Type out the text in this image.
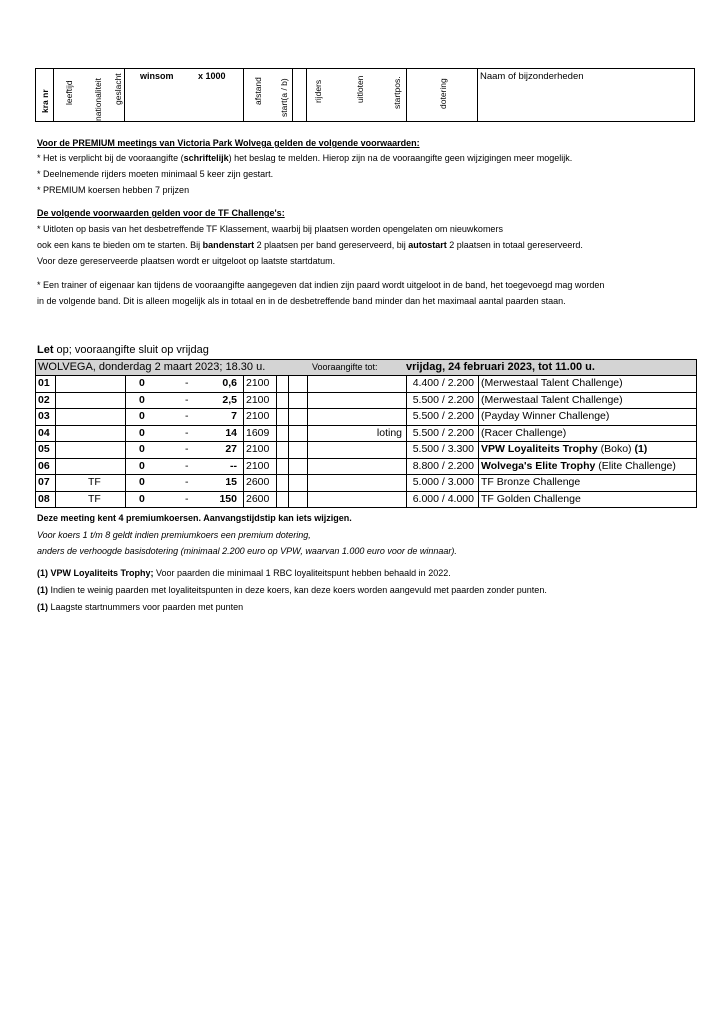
kra nr leeftijd nationaliteit geslacht winsom	x 1000
afstand start(a / b)	rijders	uitloten	startpos.	dotering
Naam of bijzonderheden
Voor de PREMIUM meetings van Victoria Park Wolvega gelden de volgende voorwaarden:
* Het is verplicht bij de vooraangifte (schriftelijk) het beslag te melden. Hierop zijn na de vooraangifte geen wijzigingen meer mogelijk.
* Deelnemende rijders moeten minimaal 5 keer zijn gestart.
* PREMIUM koersen hebben 7 prijzen
De volgende voorwaarden gelden voor de TF Challenge's:
* Uitloten op basis van het desbetreffende TF Klassement, waarbij bij plaatsen worden opengelaten om nieuwkomers
ook een kans te bieden om te starten. Bij bandenstart 2 plaatsen per band gereserveerd, bij autostart 2 plaatsen in totaal gereserveerd.
Voor deze gereserveerde plaatsen wordt er uitgeloot op laatste startdatum.
* Een trainer of eigenaar kan tijdens de vooraangifte aangegeven dat indien zijn paard wordt uitgeloot in de band, het toegevoegd mag worden
in de volgende band. Dit is alleen mogelijk als in totaal en in de desbetreffende band minder dan het maximaal aantal paarden staan.
Let op; vooraangifte sluit op vrijdag
WOLVEGA, donderdag 2 maart 2023; 18.30 u.	Vooraangifte tot:	vrijdag, 24 februari 2023, tot 11.00 u.
01	0	-	0,6 2100	4.400 / 2.200 (Merwestaal Talent Challenge)
02	0	-	2,5 2100	5.500 / 2.200 (Merwestaal Talent Challenge)
03	0	-	7 2100	5.500 / 2.200 (Payday Winner Challenge)
04	0	-	14 1609	loting 5.500 / 2.200 (Racer Challenge)
05	0	-	27 2100	5.500 / 3.300 VPW Loyaliteits Trophy (Boko) (1)
06	0	-	-- 2100	8.800 / 2.200 Wolvega's Elite Trophy (Elite Challenge)
07	TF	0	-	15 2600	5.000 / 3.000 TF Bronze Challenge
08	TF	0	-	150 2600	6.000 / 4.000 TF Golden Challenge
Deze meeting kent 4 premiumkoersen. Aanvangstijdstip kan iets wijzigen.
Voor koers 1 t/m 8 geldt indien premiumkoers een premium dotering,
anders de verhoogde basisdotering (minimaal 2.200 euro op VPW, waarvan 1.000 euro voor de winnaar).
(1) VPW Loyaliteits Trophy; Voor paarden die minimaal 1 RBC loyaliteitspunt hebben behaald in 2022.
(1) Indien te weinig paarden met loyaliteitspunten in deze koers, kan deze koers worden aangevuld met paarden zonder punten.
(1) Laagste startnummers voor paarden met punten
